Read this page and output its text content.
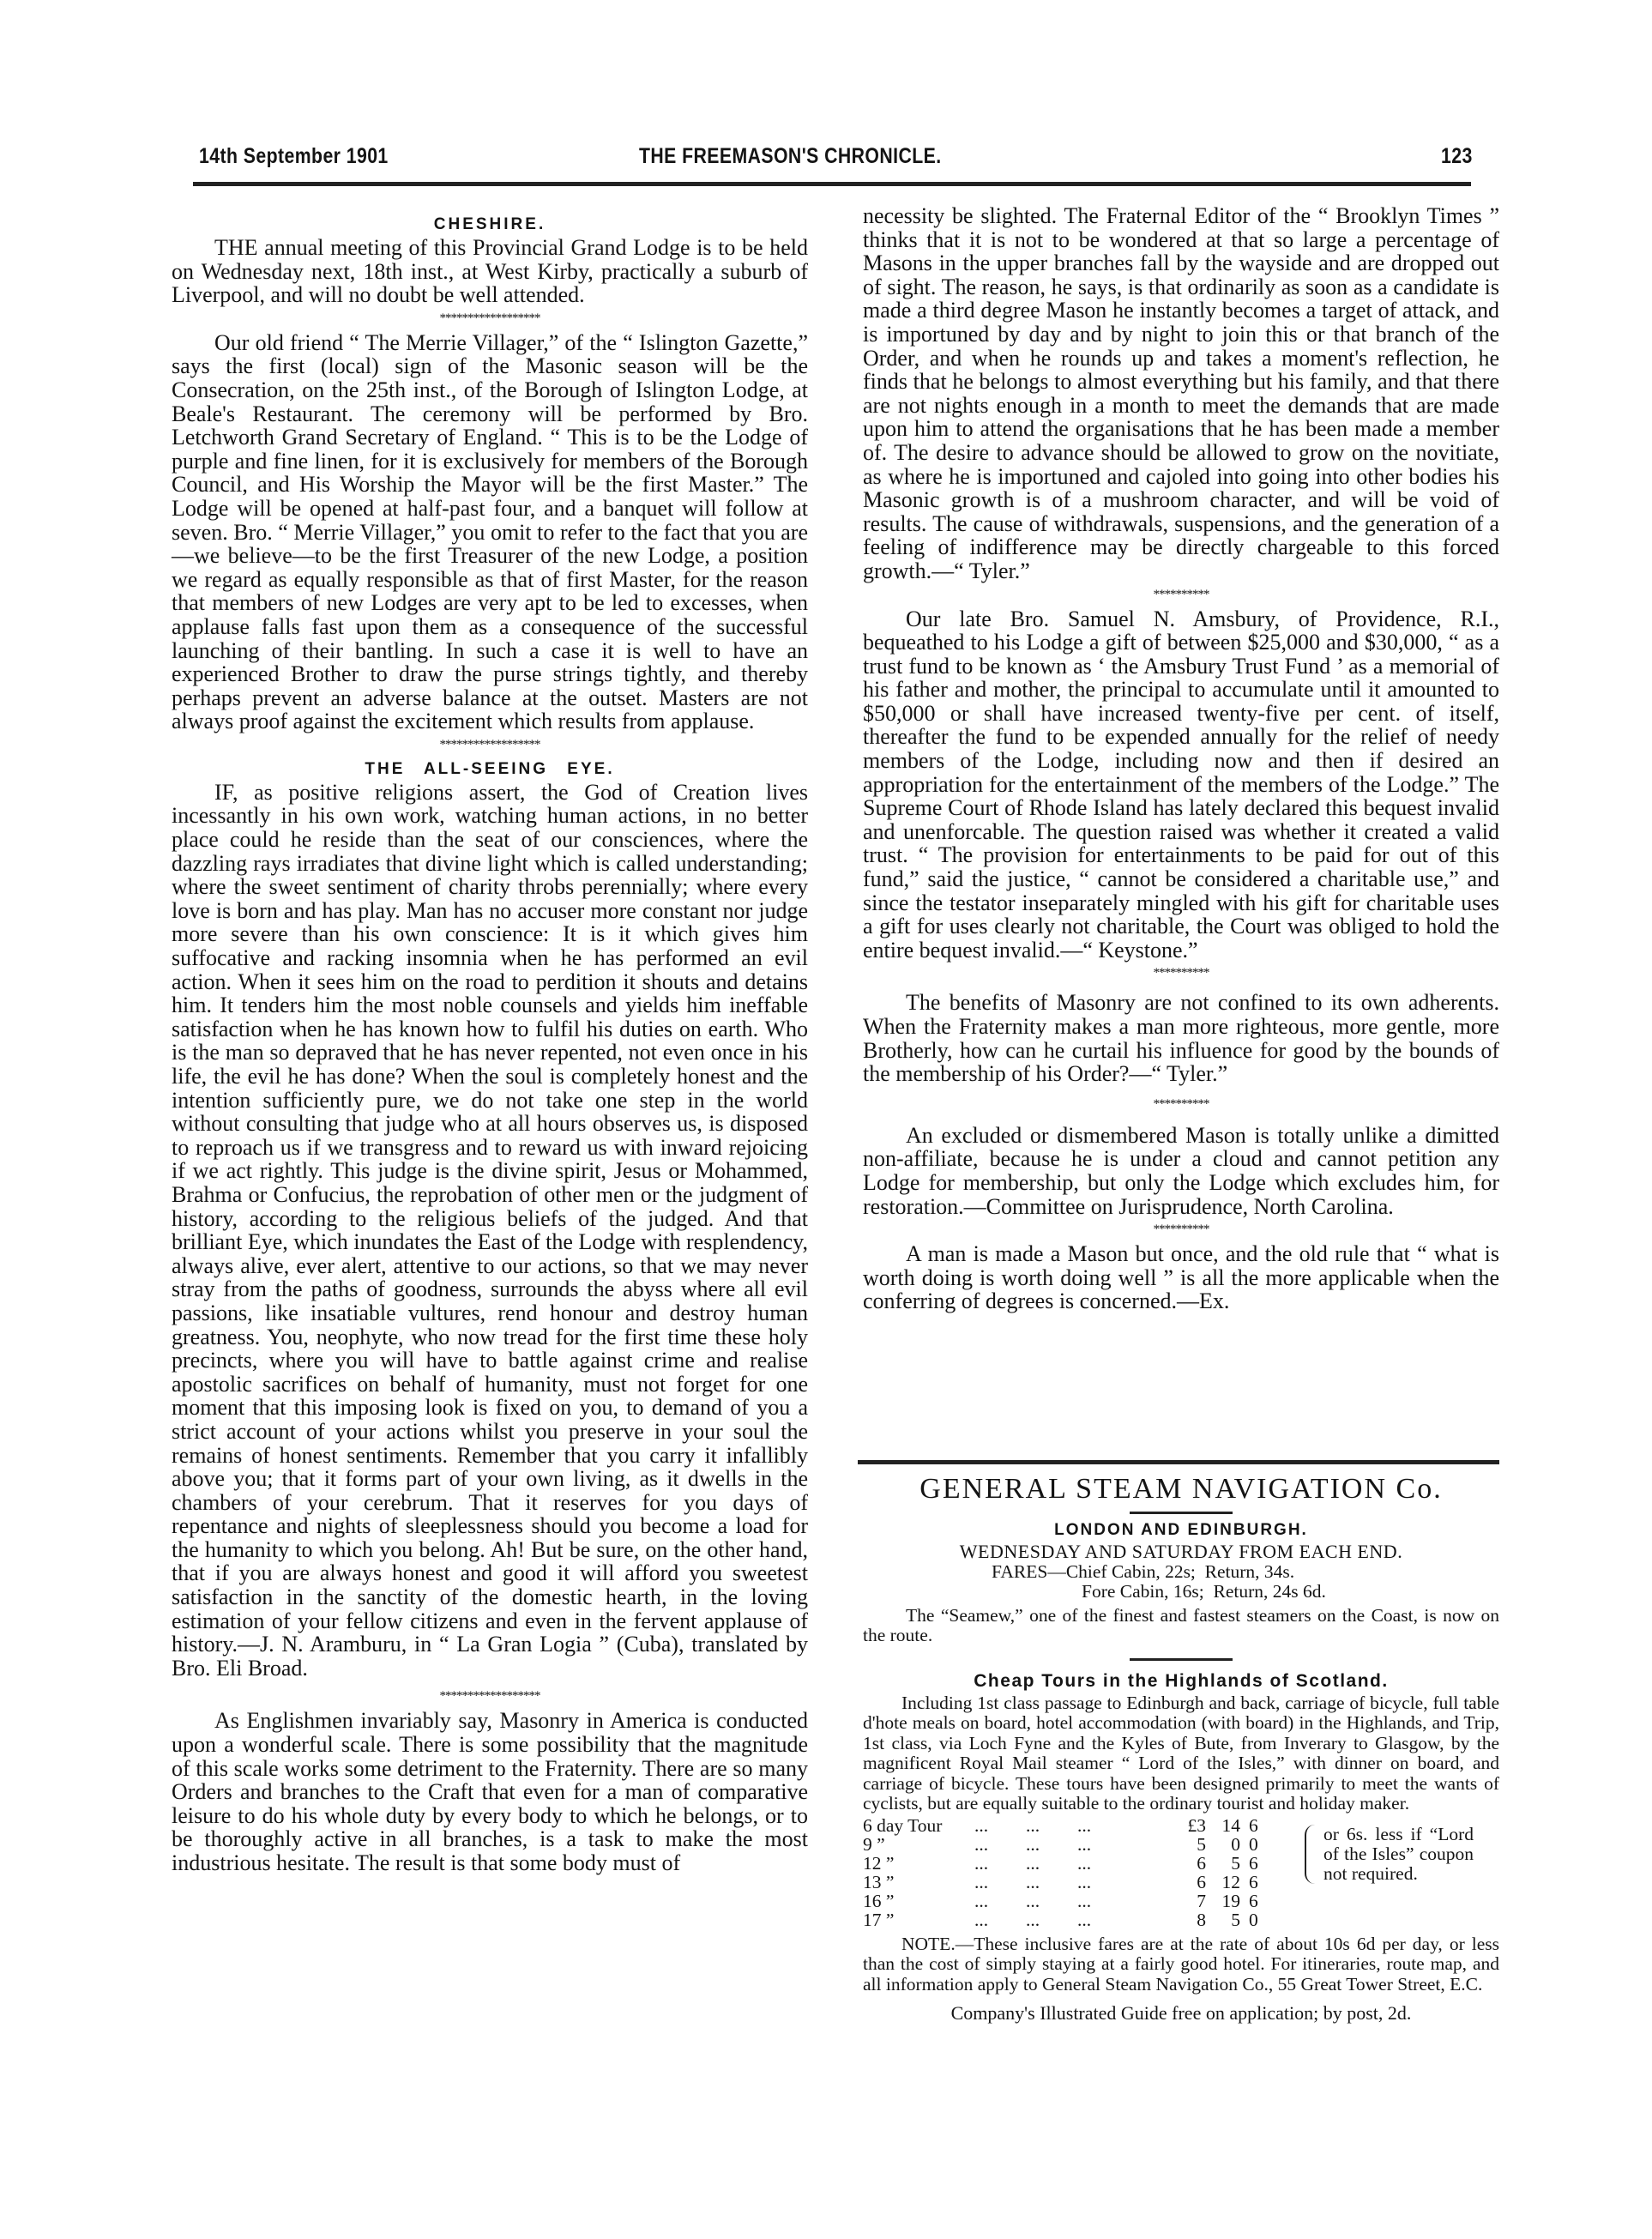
14th September 1901	THE FREEMASON'S CHRONICLE.	123
CHESHIRE.

THE annual meeting of this Provincial Grand Lodge is to be held on Wednesday next, 18th inst., at West Kirby, practically a suburb of Liverpool, and will no doubt be well attended.

******************

Our old friend “ The Merrie Villager,” of the “ Islington Gazette,” says the first (local) sign of the Masonic season will be the Consecration, on the 25th inst., of the Borough of Islington Lodge, at Beale's Restaurant. The ceremony will be performed by Bro. Letchworth Grand Secretary of England. “ This is to be the Lodge of purple and fine linen, for it is exclusively for members of the Borough Council, and His Worship the Mayor will be the first Master.” The Lodge will be opened at half-past four, and a banquet will follow at seven. Bro. “ Merrie Villager,” you omit to refer to the fact that you are—we believe—to be the first Treasurer of the new Lodge, a position we regard as equally responsible as that of first Master, for the reason that members of new Lodges are very apt to be led to excesses, when applause falls fast upon them as a consequence of the successful launching of their bantling. In such a case it is well to have an experienced Brother to draw the purse strings tightly, and thereby perhaps prevent an adverse balance at the outset. Masters are not always proof against the excitement which results from applause.

******************
THE ALL-SEEING EYE.

IF, as positive religions assert, the God of Creation lives incessantly in his own work, watching human actions, in no better place could he reside than the seat of our consciences, where the dazzling rays irradiates that divine light which is called understanding; where the sweet sentiment of charity throbs perennially; where every love is born and has play. Man has no accuser more constant nor judge more severe than his own conscience: It is it which gives him suffocative and racking insomnia when he has performed an evil action. When it sees him on the road to perdition it shouts and detains him. It tenders him the most noble counsels and yields him ineffable satisfaction when he has known how to fulfil his duties on earth. Who is the man so depraved that he has never repented, not even once in his life, the evil he has done? When the soul is completely honest and the intention sufficiently pure, we do not take one step in the world without consulting that judge who at all hours observes us, is disposed to reproach us if we transgress and to reward us with inward rejoicing if we act rightly. This judge is the divine spirit, Jesus or Mohammed, Brahma or Confucius, the reprobation of other men or the judgment of history, according to the religious beliefs of the judged. And that brilliant Eye, which inundates the East of the Lodge with resplendency, always alive, ever alert, attentive to our actions, so that we may never stray from the paths of goodness, surrounds the abyss where all evil passions, like insatiable vultures, rend honour and destroy human greatness. You, neophyte, who now tread for the first time these holy precincts, where you will have to battle against crime and realise apostolic sacrifices on behalf of humanity, must not forget for one moment that this imposing look is fixed on you, to demand of you a strict account of your actions whilst you preserve in your soul the remains of honest sentiments. Remember that you carry it infallibly above you; that it forms part of your own living, as it dwells in the chambers of your cerebrum. That it reserves for you days of repentance and nights of sleeplessness should you become a load for the humanity to which you belong. Ah! But be sure, on the other hand, that if you are always honest and good it will afford you sweetest satisfaction in the sanctity of the domestic hearth, in the loving estimation of your fellow citizens and even in the fervent applause of history.—J. N. Aramburu, in “ La Gran Logia ” (Cuba), translated by Bro. Eli Broad.

******************

As Englishmen invariably say, Masonry in America is conducted upon a wonderful scale. There is some possibility that the magnitude of this scale works some detriment to the Fraternity. There are so many Orders and branches to the Craft that even for a man of comparative leisure to do his whole duty by every body to which he belongs, or to be thoroughly active in all branches, is a task to make the most industrious hesitate. The result is that some body must of

necessity be slighted. The Fraternal Editor of the “ Brooklyn Times ” thinks that it is not to be wondered at that so large a percentage of Masons in the upper branches fall by the wayside and are dropped out of sight. The reason, he says, is that ordinarily as soon as a candidate is made a third degree Mason he instantly becomes a target of attack, and is importuned by day and by night to join this or that branch of the Order, and when he rounds up and takes a moment's reflection, he finds that he belongs to almost everything but his family, and that there are not nights enough in a month to meet the demands that are made upon him to attend the organisations that he has been made a member of. The desire to advance should be allowed to grow on the novitiate, as where he is importuned and cajoled into going into other bodies his Masonic growth is of a mushroom character, and will be void of results. The cause of withdrawals, suspensions, and the generation of a feeling of indifference may be directly chargeable to this forced growth.—“ Tyler.”

**********

Our late Bro. Samuel N. Amsbury, of Providence, R.I., bequeathed to his Lodge a gift of between $25,000 and $30,000, “ as a trust fund to be known as ‘ the Amsbury Trust Fund ’ as a memorial of his father and mother, the principal to accumulate until it amounted to $50,000 or shall have increased twenty-five per cent. of itself, thereafter the fund to be expended annually for the relief of needy members of the Lodge, including now and then if desired an appropriation for the entertainment of the members of the Lodge.” The Supreme Court of Rhode Island has lately declared this bequest invalid and unenforcable. The question raised was whether it created a valid trust. “ The provision for entertainments to be paid for out of this fund,” said the justice, “ cannot be considered a charitable use,” and since the testator inseparately mingled with his gift for charitable uses a gift for uses clearly not charitable, the Court was obliged to hold the entire bequest invalid.—“ Keystone.”

**********

The benefits of Masonry are not confined to its own adherents. When the Fraternity makes a man more righteous, more gentle, more Brotherly, how can he curtail his influence for good by the bounds of the membership of his Order?—“ Tyler.”

**********

An excluded or dismembered Mason is totally unlike a dimitted non-affiliate, because he is under a cloud and cannot petition any Lodge for membership, but only the Lodge which excludes him, for restoration.—Committee on Jurisprudence, North Carolina.

**********

A man is made a Mason but once, and the old rule that “ what is worth doing is worth doing well ” is all the more applicable when the conferring of degrees is concerned.—Ex.

GENERAL STEAM NAVIGATION Co.
LONDON AND EDINBURGH.

WEDNESDAY AND SATURDAY FROM EACH END.

FARES—Chief Cabin, 22s;  Return, 34s.

Fore Cabin, 16s;  Return, 24s 6d.

The “Seamew,” one of the finest and fastest steamers on the Coast, is now on the route.

Cheap Tours in the Highlands of Scotland.

Including 1st class passage to Edinburgh and back, carriage of bicycle, full table d'hote meals on board, hotel accommodation (with board) in the Highlands, and Trip, 1st class, via Loch Fyne and the Kyles of Bute, from Inverary to Glasgow, by the magnificent Royal Mail steamer “ Lord of the Isles,” with dinner on board, and carriage of bicycle. These tours have been designed primarily to meet the wants of cyclists, but are equally suitable to the ordinary tourist and holiday maker.

6 day Tour	...	...	...	£3 14 6
9 ”	...	...	...	5	0 0
12 ”	...	...	...	6	5 6
13 ”	...	...	...	6 12 6
16 ”	...	...	...	7 19 6
17 ”	...	...	...	8	5 0
or 6s. less if “Lord of the Isles” coupon not required.

NOTE.—These inclusive fares are at the rate of about 10s 6d per day, or less than the cost of simply staying at a fairly good hotel. For itineraries, route map, and all information apply to General Steam Navigation Co., 55 Great Tower Street, E.C.

Company's Illustrated Guide free on application; by post, 2d.
